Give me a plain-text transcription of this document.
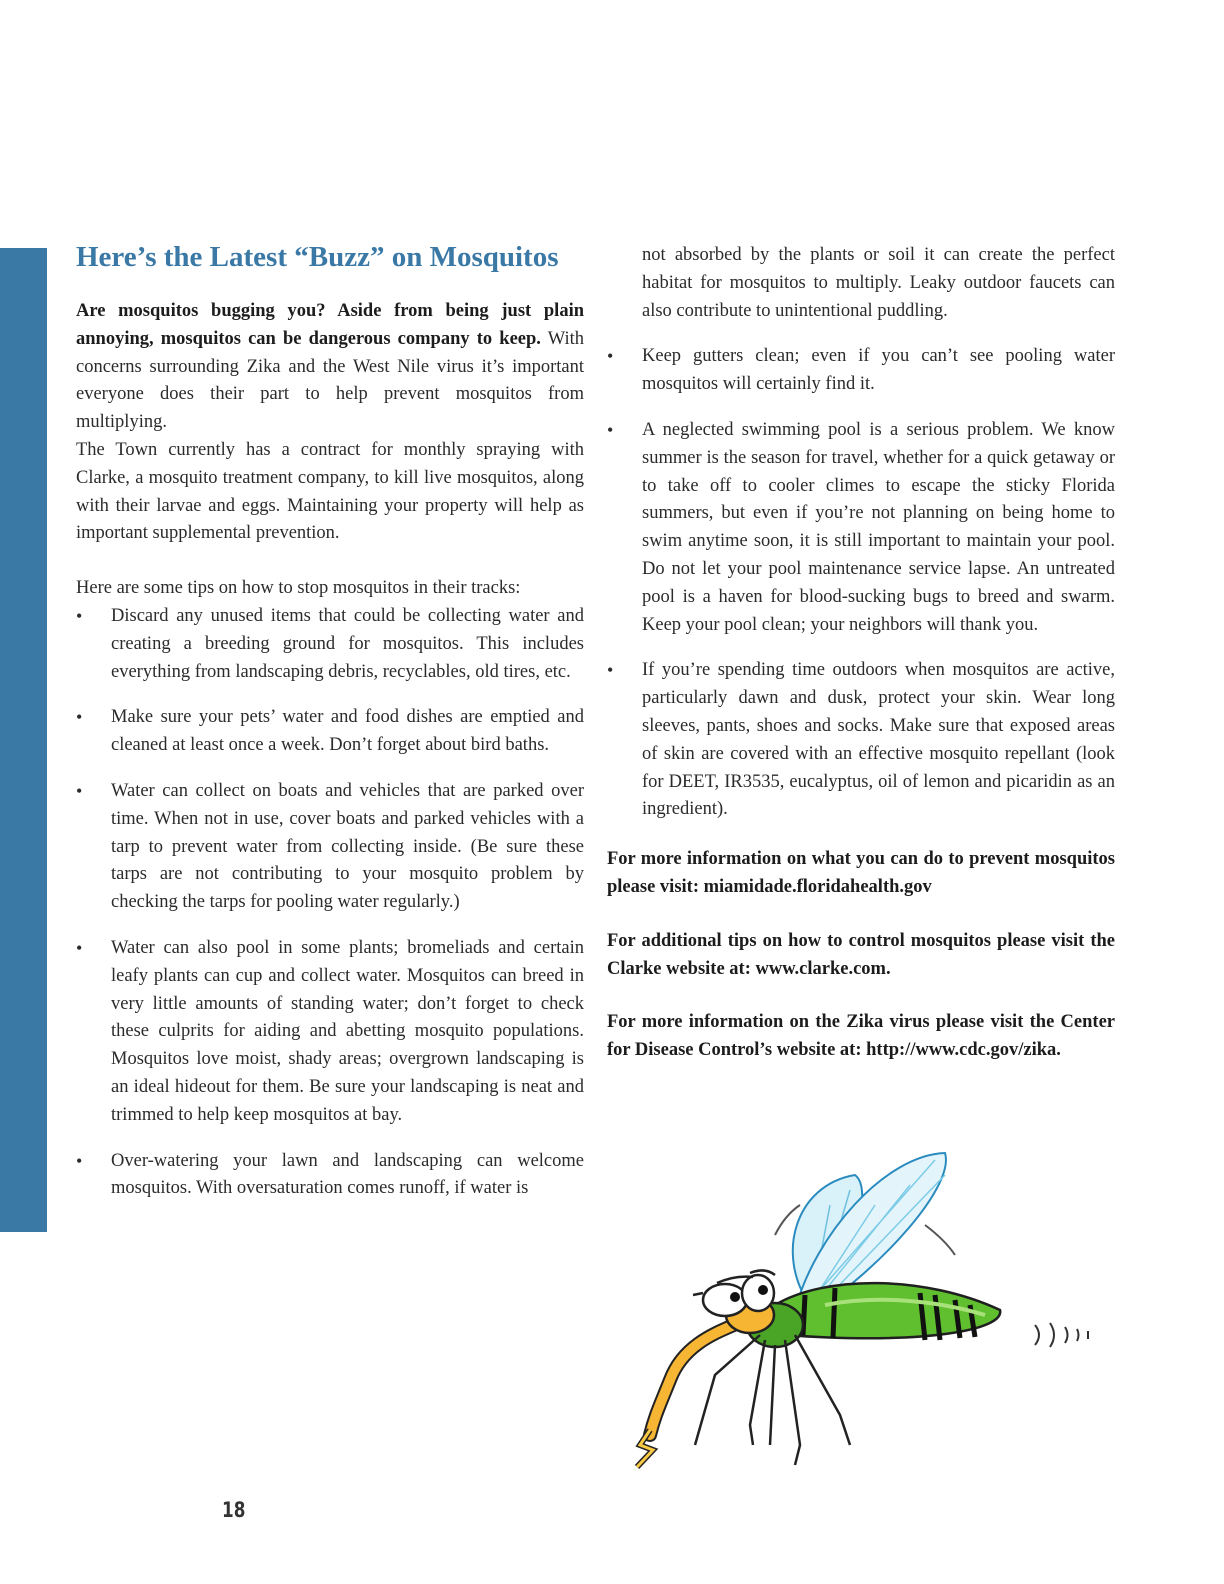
Here’s the Latest “Buzz” on Mosquitos

Are mosquitos bugging you? Aside from being just plain annoying, mosquitos can be dangerous company to keep. With concerns surrounding Zika and the West Nile virus it’s important everyone does their part to help prevent mosquitos from multiplying.

The Town currently has a contract for monthly spraying with Clarke, a mosquito treatment company, to kill live mosquitos, along with their larvae and eggs. Maintaining your property will help as important supplemental prevention.

Here are some tips on how to stop mosquitos in their tracks:

• Discard any unused items that could be collecting water and creating a breeding ground for mosquitos. This includes everything from landscaping debris, recyclables, old tires, etc.
• Make sure your pets’ water and food dishes are emptied and cleaned at least once a week. Don’t forget about bird baths.
• Water can collect on boats and vehicles that are parked over time. When not in use, cover boats and parked vehicles with a tarp to prevent water from collecting inside. (Be sure these tarps are not contributing to your mosquito problem by checking the tarps for pooling water regularly.)
• Water can also pool in some plants; bromeliads and certain leafy plants can cup and collect water. Mosquitos can breed in very little amounts of standing water; don’t forget to check these culprits for aiding and abetting mosquito populations. Mosquitos love moist, shady areas; overgrown landscaping is an ideal hideout for them. Be sure your landscaping is neat and trimmed to help keep mosquitos at bay.
• Over-watering your lawn and landscaping can welcome mosquitos. With oversaturation comes runoff, if water is

not absorbed by the plants or soil it can create the perfect habitat for mosquitos to multiply. Leaky outdoor faucets can also contribute to unintentional puddling.

• Keep gutters clean; even if you can’t see pooling water mosquitos will certainly find it.
• A neglected swimming pool is a serious problem. We know summer is the season for travel, whether for a quick getaway or to take off to cooler climes to escape the sticky Florida summers, but even if you’re not planning on being home to swim anytime soon, it is still important to maintain your pool. Do not let your pool maintenance service lapse. An untreated pool is a haven for blood-sucking bugs to breed and swarm. Keep your pool clean; your neighbors will thank you.
• If you’re spending time outdoors when mosquitos are active, particularly dawn and dusk, protect your skin. Wear long sleeves, pants, shoes and socks. Make sure that exposed areas of skin are covered with an effective mosquito repellant (look for DEET, IR3535, eucalyptus, oil of lemon and picaridin as an ingredient).

For more information on what you can do to prevent mosquitos please visit: miamidade.floridahealth.gov

For additional tips on how to control mosquitos please visit the Clarke website at: www.clarke.com.

For more information on the Zika virus please visit the Center for Disease Control’s website at: http://www.cdc.gov/zika.

18
